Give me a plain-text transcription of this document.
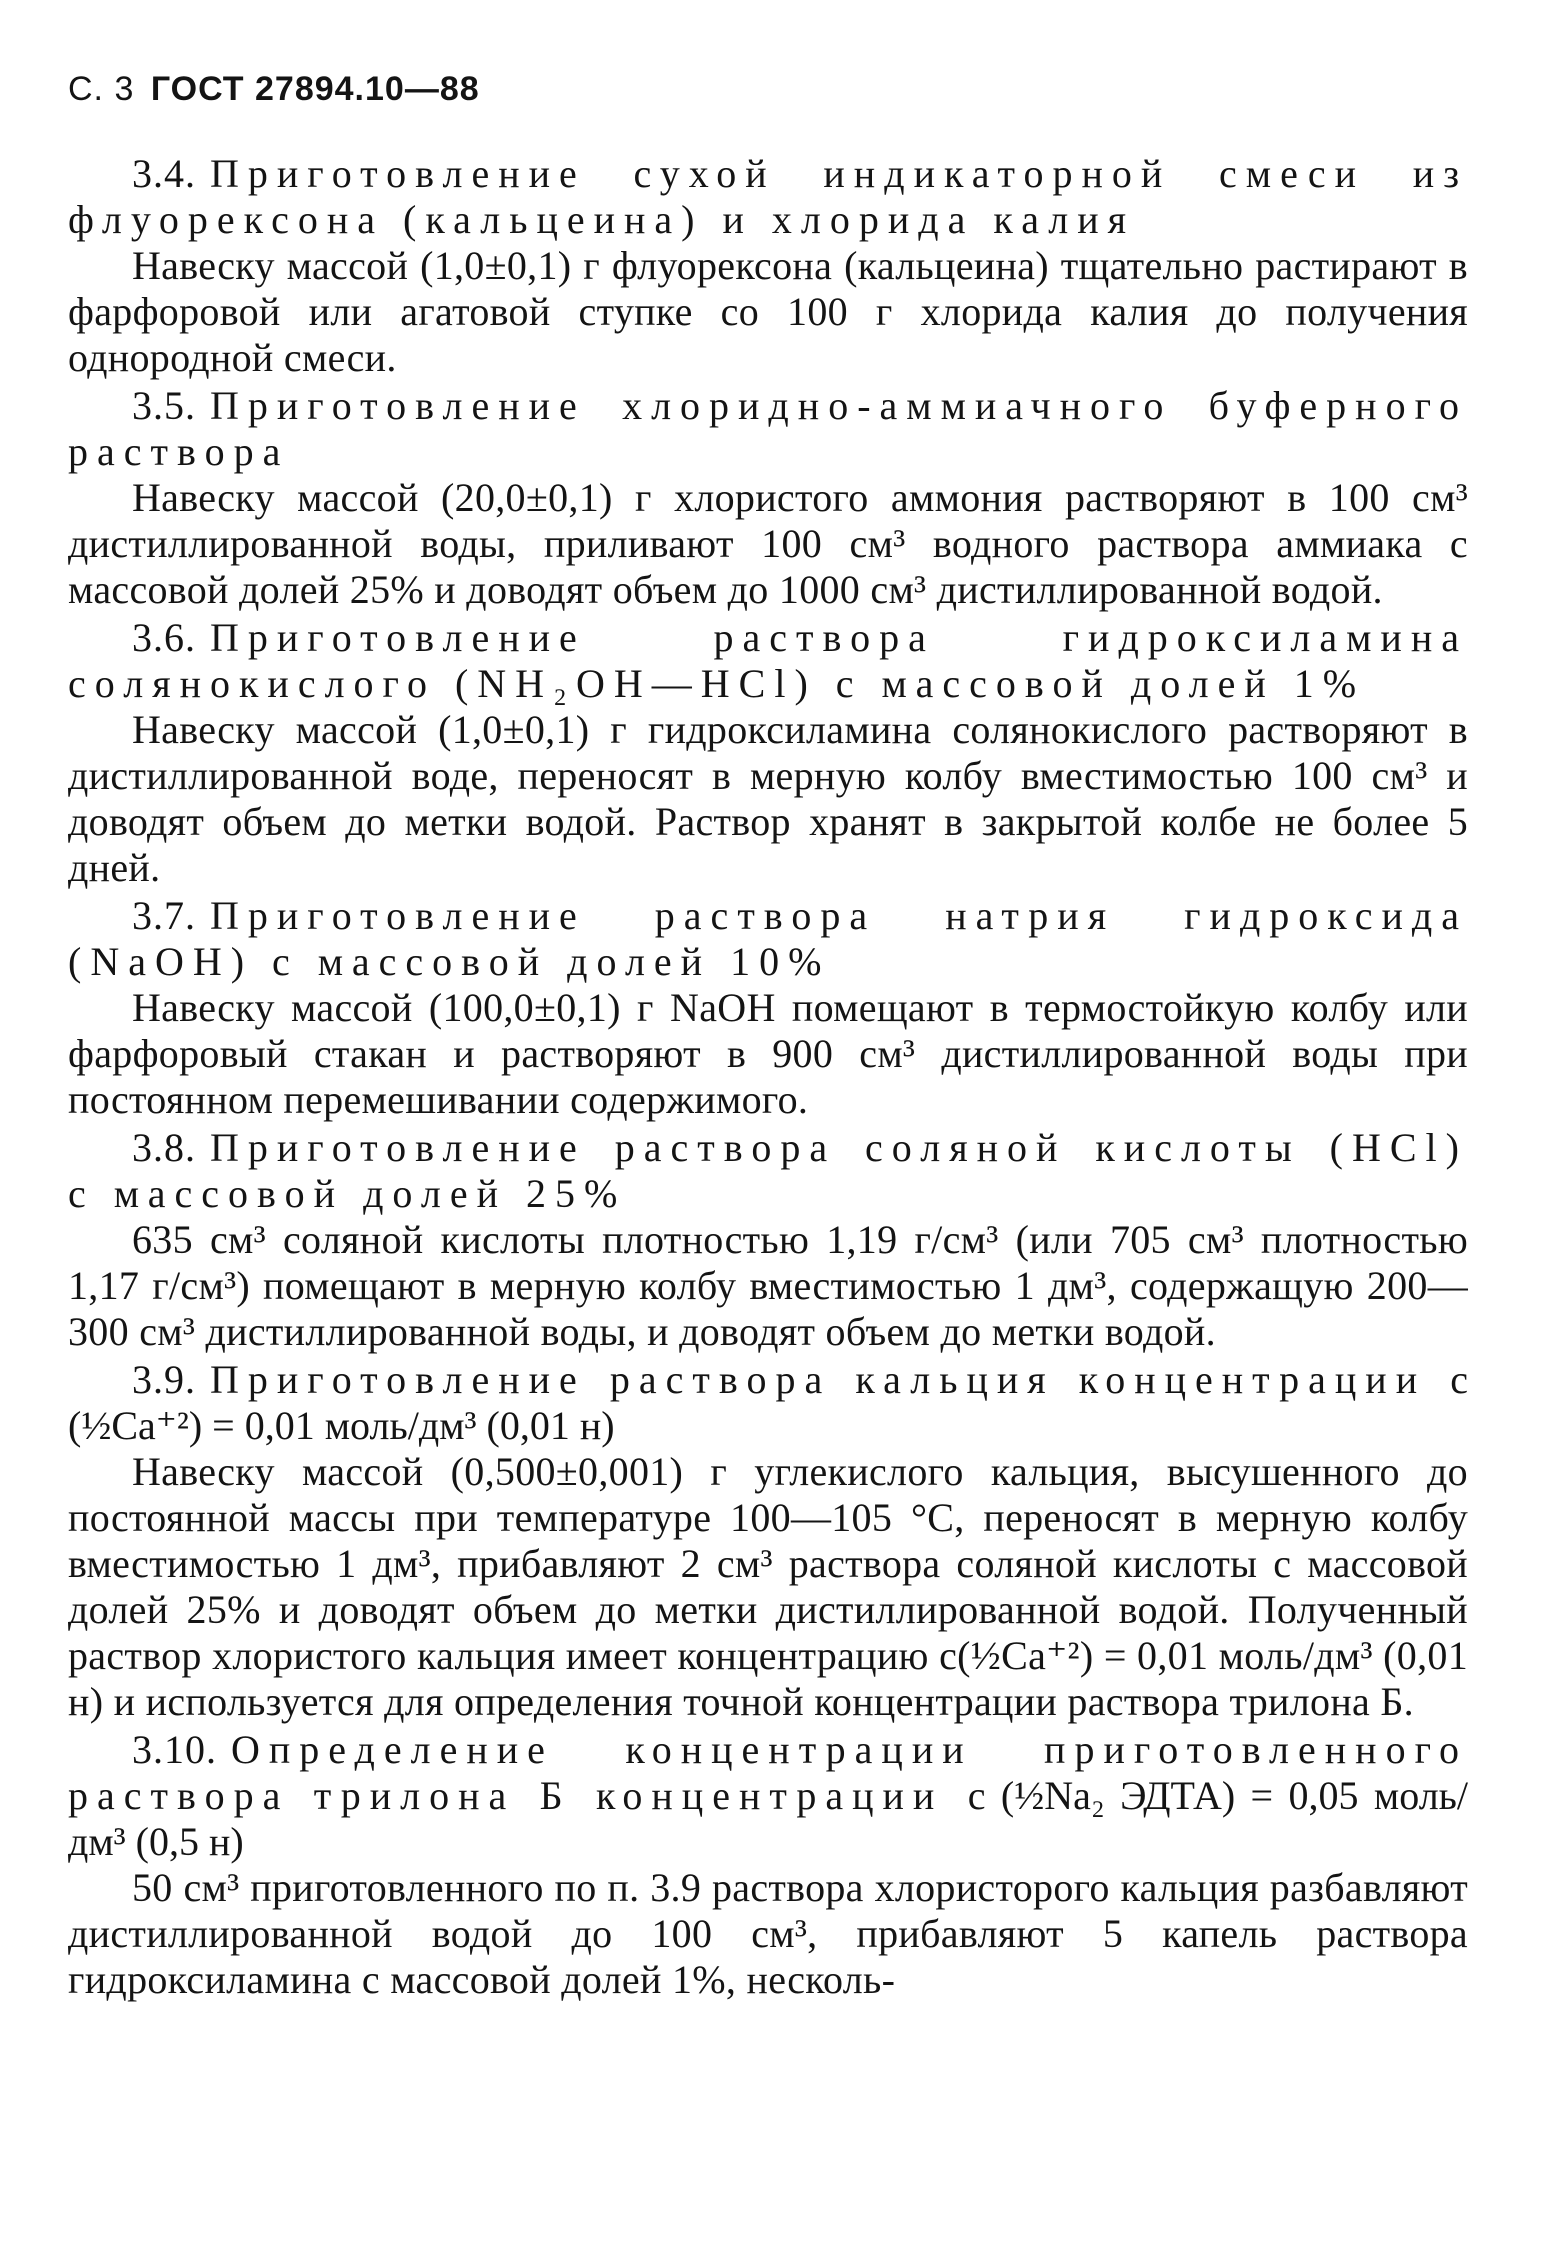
С. 3 ГОСТ 27894.10—88

3.4. Приготовление сухой индикаторной смеси из флуорексона (кальцеина) и хлорида калия

Навеску массой (1,0±0,1) г флуорексона (кальцеина) тщательно растирают в фарфоровой или агатовой ступке со 100 г хлорида калия до получения однородной смеси.

3.5. Приготовление хлоридно-аммиачного буферного раствора

Навеску массой (20,0±0,1) г хлористого аммония растворяют в 100 см³ дистиллированной воды, приливают 100 см³ водного раствора аммиака с массовой долей 25% и доводят объем до 1000 см³ дистиллированной водой.

3.6. Приготовление раствора гидроксиламина солянокислого (NH₂OH—HCl) с массовой долей 1%

Навеску массой (1,0±0,1) г гидроксиламина солянокислого растворяют в дистиллированной воде, переносят в мерную колбу вместимостью 100 см³ и доводят объем до метки водой. Раствор хранят в закрытой колбе не более 5 дней.

3.7. Приготовление раствора натрия гидроксида (NaOH) с массовой долей 10%

Навеску массой (100,0±0,1) г NaOH помещают в термостойкую колбу или фарфоровый стакан и растворяют в 900 см³ дистиллированной воды при постоянном перемешивании содержимого.

3.8. Приготовление раствора соляной кислоты (HCl) с массовой долей 25%

635 см³ соляной кислоты плотностью 1,19 г/см³ (или 705 см³ плотностью 1,17 г/см³) помещают в мерную колбу вместимостью 1 дм³, содержащую 200—300 см³ дистиллированной воды, и доводят объем до метки водой.

3.9. Приготовление раствора кальция концентрации с (½Ca⁺²) = 0,01 моль/дм³ (0,01 н)

Навеску массой (0,500±0,001) г углекислого кальция, высушенного до постоянной массы при температуре 100—105 °С, переносят в мерную колбу вместимостью 1 дм³, прибавляют 2 см³ раствора соляной кислоты с массовой долей 25% и доводят объем до метки дистиллированной водой. Полученный раствор хлористого кальция имеет концентрацию с(½Ca⁺²) = 0,01 моль/дм³ (0,01 н) и используется для определения точной концентрации раствора трилона Б.

3.10. Определение концентрации приготовленного раствора трилона Б концентрации с (½Na₂ ЭДТА) = 0,05 моль/дм³ (0,5 н)

50 см³ приготовленного по п. 3.9 раствора хлористорого кальция разбавляют дистиллированной водой до 100 см³, прибавляют 5 капель раствора гидроксиламина с массовой долей 1%, несколь-
